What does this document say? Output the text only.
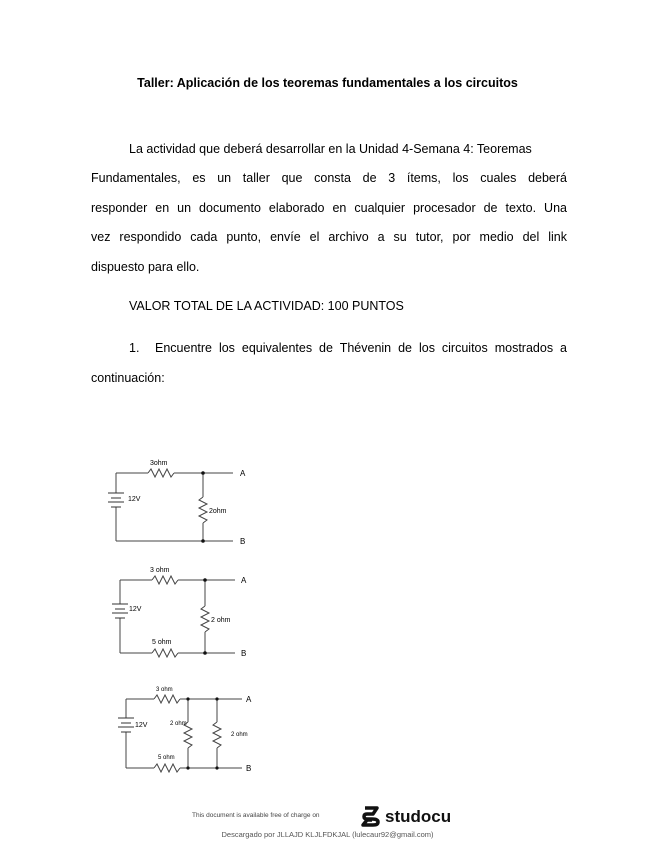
Taller: Aplicación de los teoremas fundamentales a los circuitos
La actividad que deberá desarrollar en la Unidad 4-Semana 4: Teoremas
Fundamentales, es un taller que consta de 3 ítems, los cuales deberá
responder en un documento elaborado en cualquier procesador de texto. Una
vez respondido cada punto, envíe el archivo a su tutor, por medio del link
dispuesto para ello.
VALOR TOTAL DE LA ACTIVIDAD: 100 PUNTOS
1. Encuentre los equivalentes de Thévenin de los circuitos mostrados a
continuación:
3ohm
12V
2ohm
A
B
3 ohm
12V
2 ohm
5 ohm
A
B
3 ohm
12V	2 ohm
2 ohm
5 ohm
A
B
This document is available free of charge on	studocu
Descargado por JLLAJD KLJLFDKJAL (lulecaur92@gmail.com)
